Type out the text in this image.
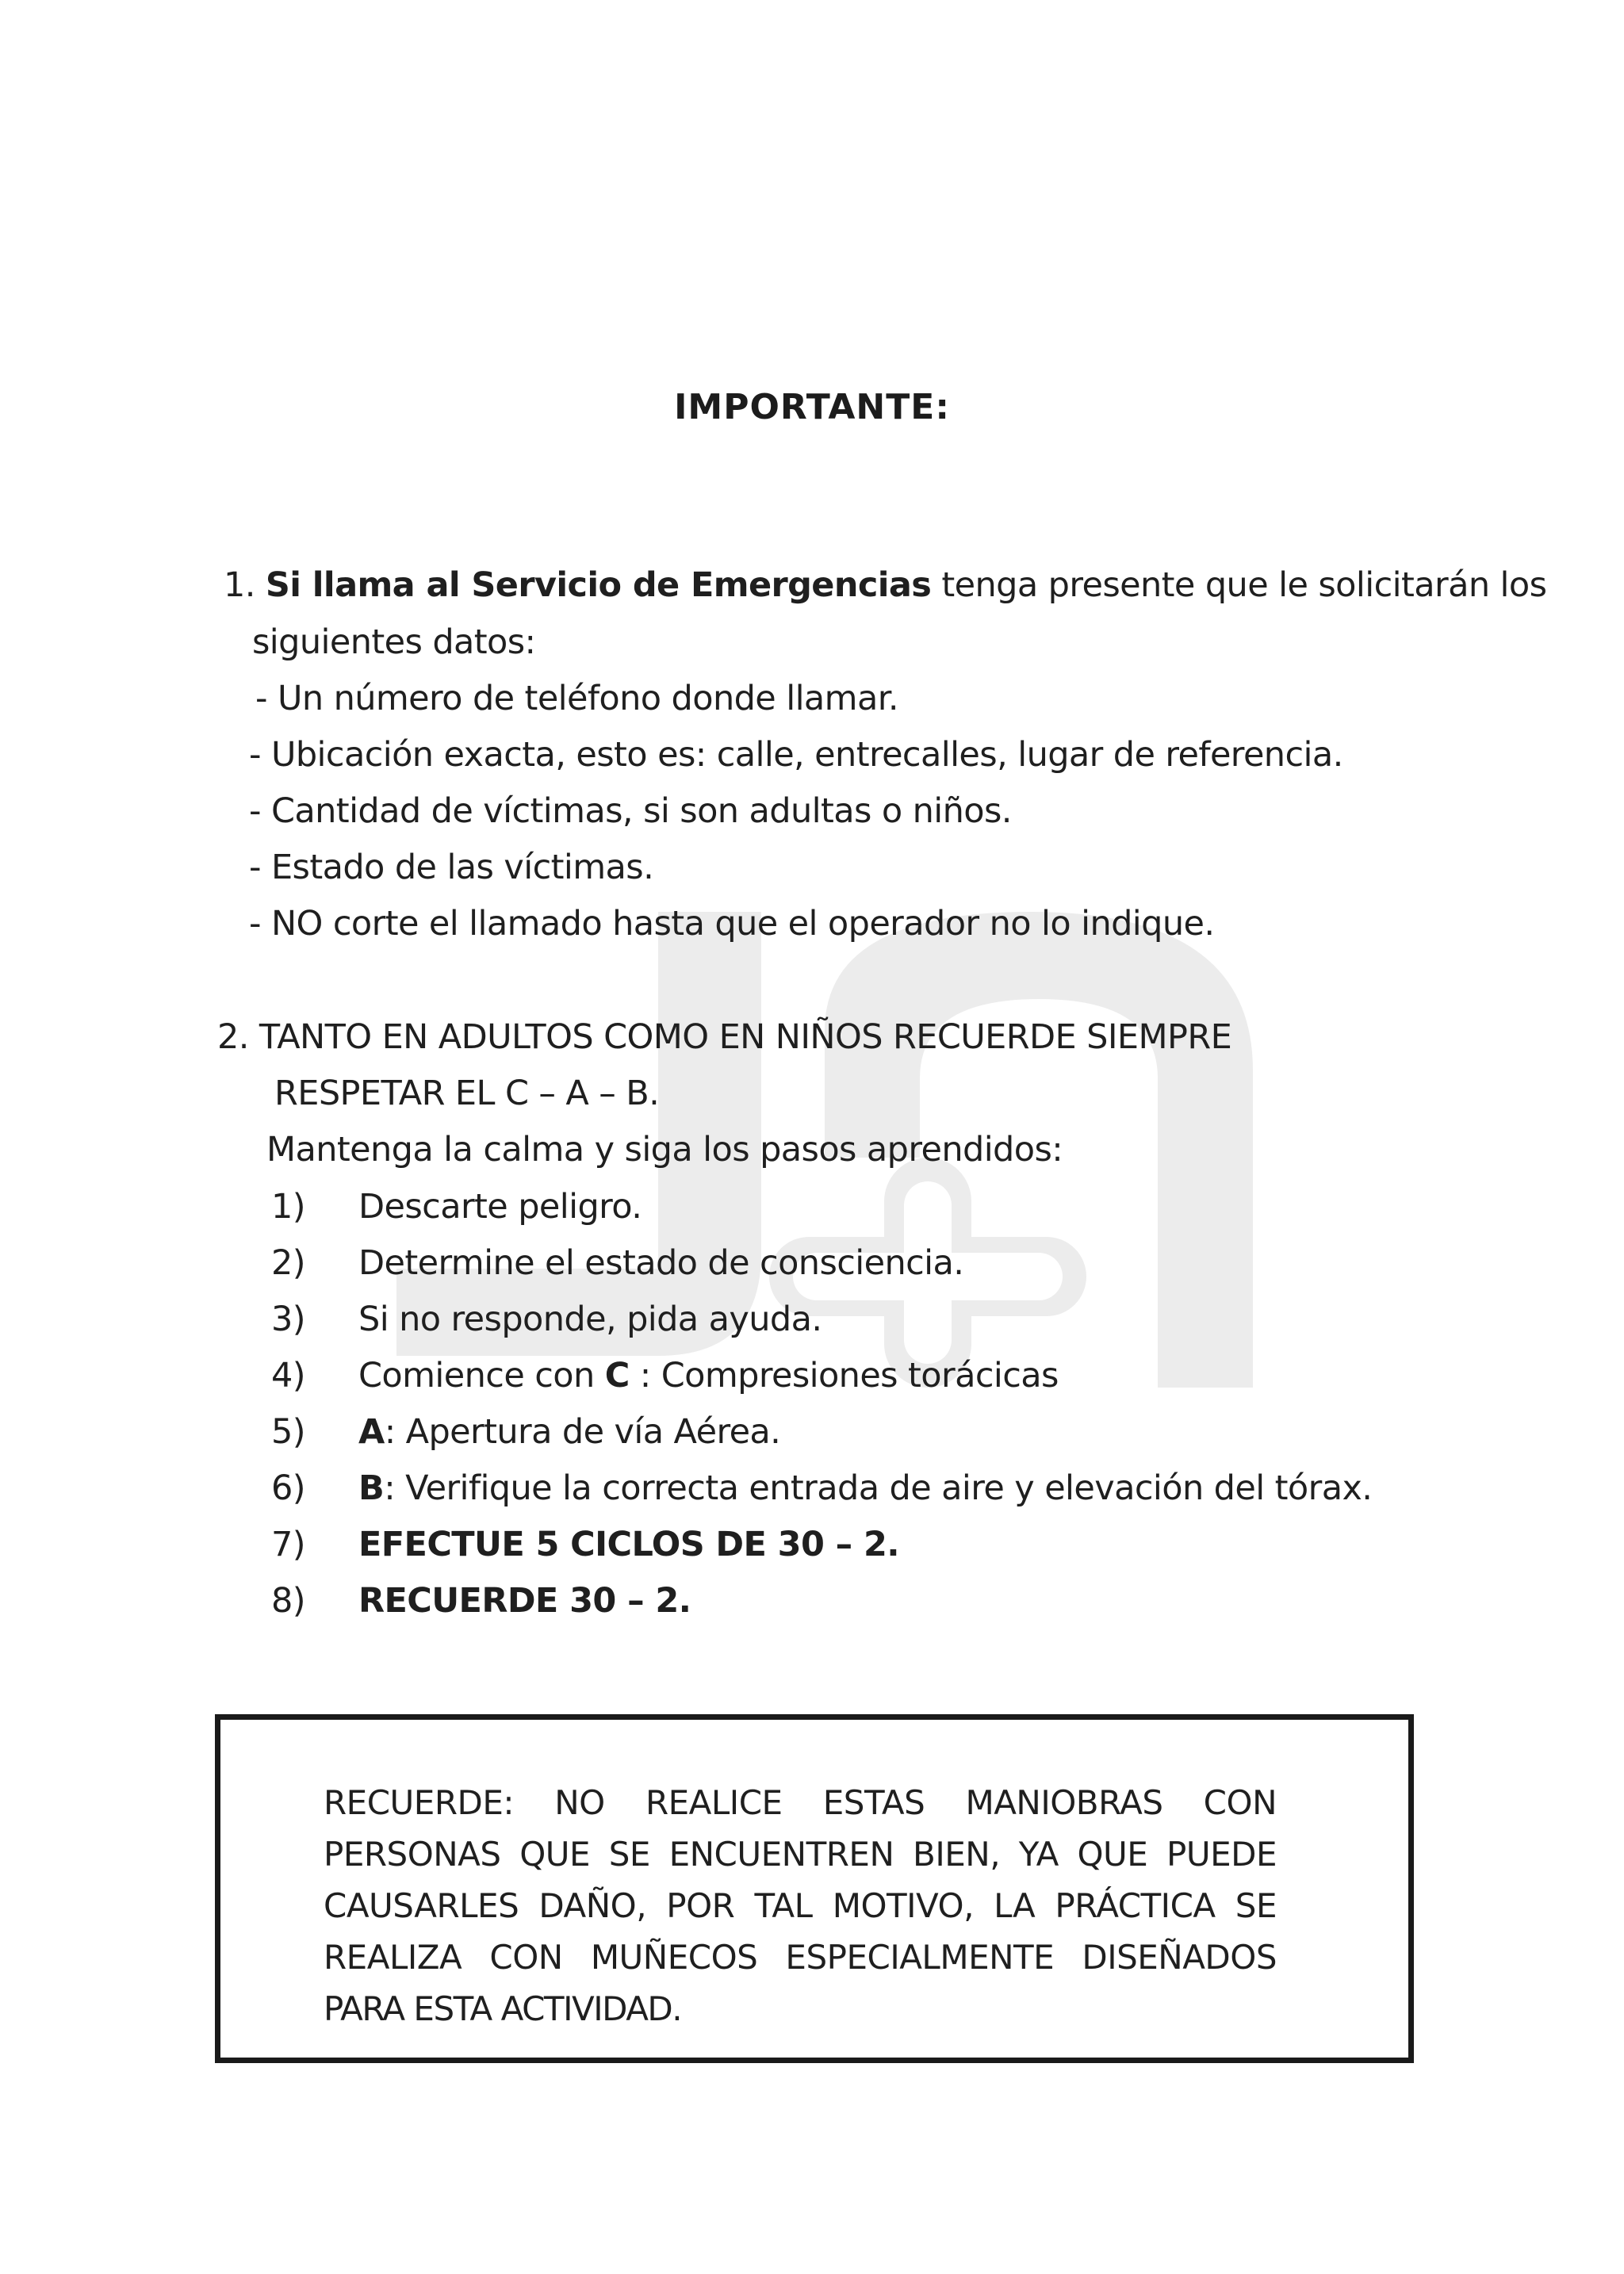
IMPORTANTE:
1. Si llama al Servicio de Emergencias tenga presente que le solicitarán los
siguientes datos:
- Un número de teléfono donde llamar.
- Ubicación exacta, esto es: calle, entrecalles, lugar de referencia.
- Cantidad de víctimas, si son adultas o niños.
- Estado de las víctimas.
- NO corte el llamado hasta que el operador no lo indique.
2. TANTO EN ADULTOS COMO EN NIÑOS RECUERDE SIEMPRE
RESPETAR EL C – A – B.
Mantenga la calma y siga los pasos aprendidos:
1) Descarte peligro.
2) Determine el estado de consciencia.
3) Si no responde, pida ayuda.
4) Comience con C : Compresiones torácicas
5) A: Apertura de vía Aérea.
6) B: Verifique la correcta entrada de aire y elevación del tórax.
7) EFECTUE 5 CICLOS DE 30 – 2.
8) RECUERDE 30 – 2.
RECUERDE: NO REALICE ESTAS MANIOBRAS CON
PERSONAS QUE SE ENCUENTREN BIEN, YA QUE PUEDE
CAUSARLES DAÑO, POR TAL MOTIVO, LA PRÁCTICA SE
REALIZA CON MUÑECOS ESPECIALMENTE DISEÑADOS
PARA ESTA ACTIVIDAD.
